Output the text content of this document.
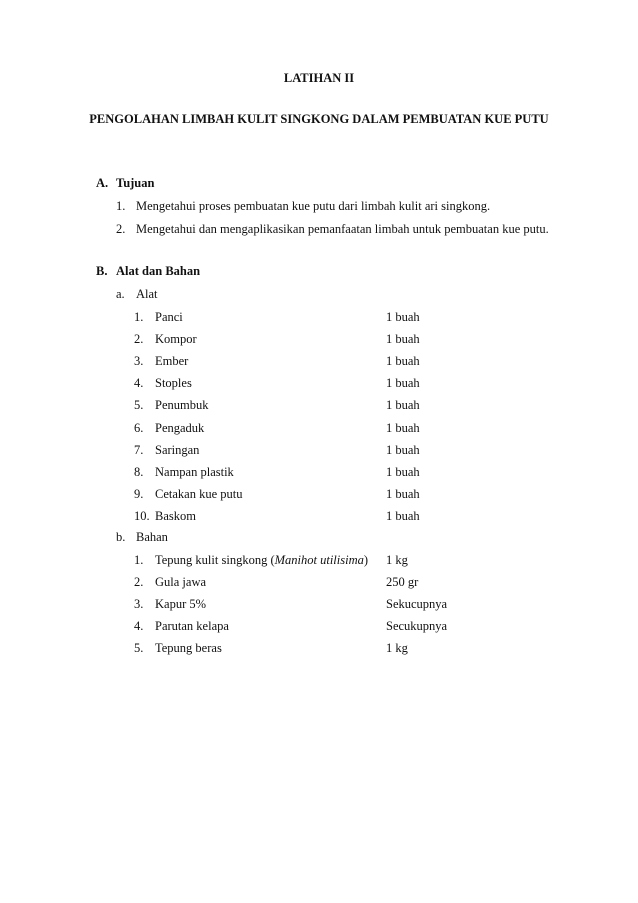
LATIHAN II
PENGOLAHAN LIMBAH KULIT SINGKONG DALAM PEMBUATAN KUE PUTU
A. Tujuan
1. Mengetahui proses pembuatan kue putu dari limbah kulit ari singkong.
2. Mengetahui dan mengaplikasikan pemanfaatan limbah untuk pembuatan kue putu.
B. Alat dan Bahan
a. Alat
1. Panci	1 buah
2. Kompor	1 buah
3. Ember	1 buah
4. Stoples	1 buah
5. Penumbuk	1 buah
6. Pengaduk	1 buah
7. Saringan	1 buah
8. Nampan plastik	1 buah
9. Cetakan kue putu	1 buah
10. Baskom	1 buah
b. Bahan
1. Tepung kulit singkong (Manihot utilisima) 1 kg
2. Gula jawa	250 gr
3. Kapur 5%	Sekucupnya
4. Parutan kelapa	Secukupnya
5. Tepung beras	1 kg
